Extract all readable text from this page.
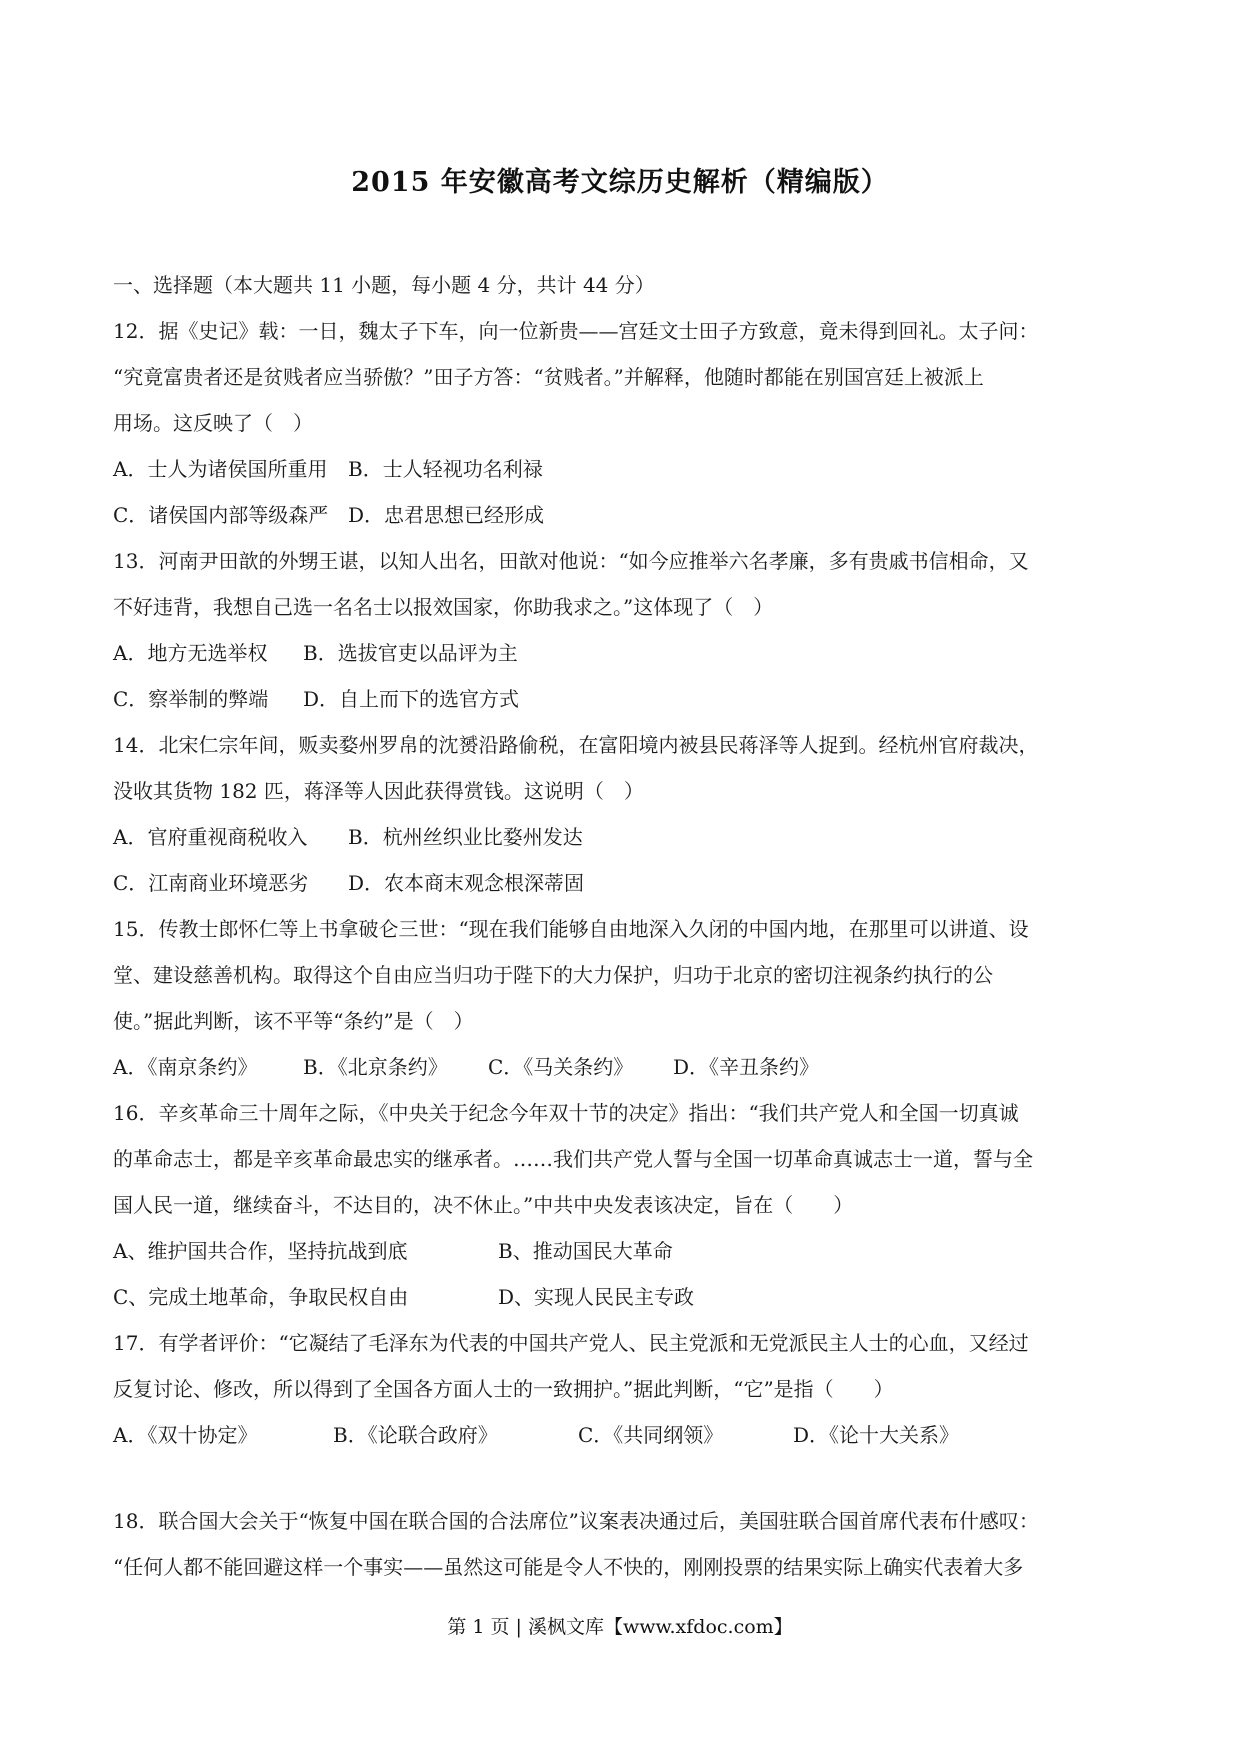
2015 年安徽高考文综历史解析（精编版）
一、选择题（本大题共 11 小题，每小题 4 分，共计 44 分）
12．据《史记》载：一日，魏太子下车，向一位新贵——宫廷文士田子方致意，竟未得到回礼。太子问：
“究竟富贵者还是贫贱者应当骄傲？”田子方答：“贫贱者。”并解释，他随时都能在别国宫廷上被派上
用场。这反映了（　）
A．士人为诸侯国所重用	B．士人轻视功名利禄
C．诸侯国内部等级森严 D．忠君思想已经形成
13．河南尹田歆的外甥王谌，以知人出名，田歆对他说：“如今应推举六名孝廉，多有贵戚书信相命，又
不好违背，我想自己选一名名士以报效国家，你助我求之。”这体现了（　）
A．地方无选举权	B．选拔官吏以品评为主
C．察举制的弊端	D．自上而下的选官方式
14．北宋仁宗年间，贩卖婺州罗帛的沈赟沿路偷税，在富阳境内被县民蒋泽等人捉到。经杭州官府裁决，
没收其货物 182 匹，蒋泽等人因此获得赏钱。这说明（　）
A．官府重视商税收入	B．杭州丝织业比婺州发达
C．江南商业环境恶劣	D．农本商末观念根深蒂固
15．传教士郎怀仁等上书拿破仑三世：“现在我们能够自由地深入久闭的中国内地，在那里可以讲道、设
堂、建设慈善机构。取得这个自由应当归功于陛下的大力保护，归功于北京的密切注视条约执行的公
使。”据此判断，该不平等“条约”是（　）
A．《南京条约》	B．《北京条约》	C．《马关条约》	D．《辛丑条约》
16．辛亥革命三十周年之际，《中央关于纪念今年双十节的决定》指出：“我们共产党人和全国一切真诚
的革命志士，都是辛亥革命最忠实的继承者。……我们共产党人誓与全国一切革命真诚志士一道，誓与全
国人民一道，继续奋斗，不达目的，决不休止。”中共中央发表该决定，旨在（　　）
A、维护国共合作，坚持抗战到底	B、推动国民大革命
C、完成土地革命，争取民权自由	D、实现人民民主专政
17．有学者评价：“它凝结了毛泽东为代表的中国共产党人、民主党派和无党派民主人士的心血，又经过
反复讨论、修改，所以得到了全国各方面人士的一致拥护。”据此判断，“它”是指（　　）
A．《双十协定》	B．《论联合政府》	C．《共同纲领》	D．《论十大关系》
18．联合国大会关于“恢复中国在联合国的合法席位”议案表决通过后，美国驻联合国首席代表布什感叹：
“任何人都不能回避这样一个事实——虽然这可能是令人不快的，刚刚投票的结果实际上确实代表着大多
第 1 页 | 溪枫文库【www.xfdoc.com】
